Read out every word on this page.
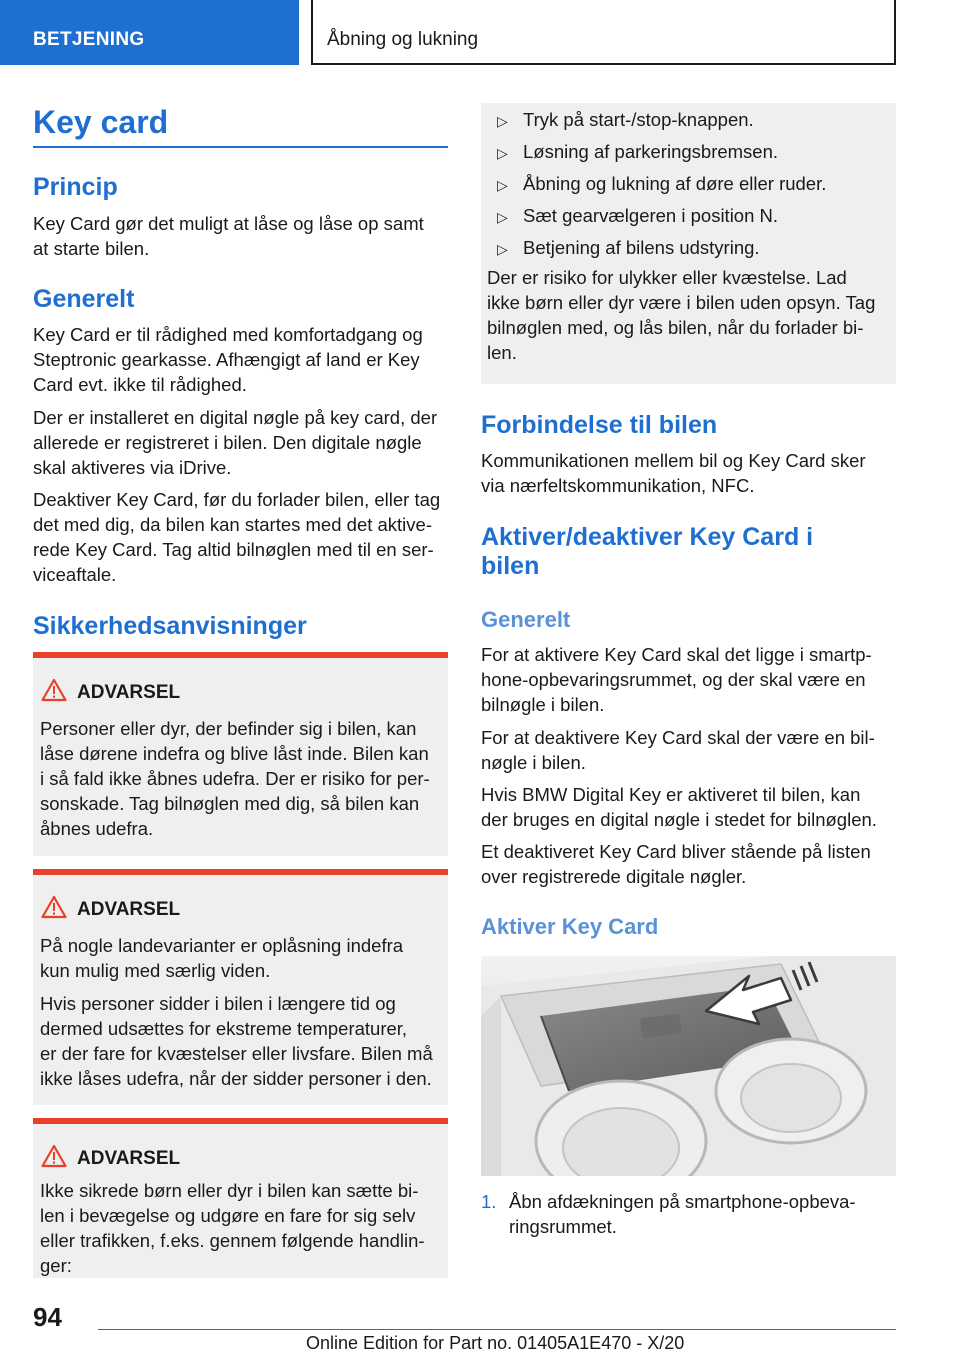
BETJENING	Åbning og lukning
Key card
Princip
Key Card gør det muligt at låse og låse op samt
at starte bilen.
Generelt
Key Card er til rådighed med komfortadgang og
Steptronic gearkasse. Afhængigt af land er Key
Card evt. ikke til rådighed.
Der er installeret en digital nøgle på key card, der
allerede er registreret i bilen. Den digitale nøgle
skal aktiveres via iDrive.
Deaktiver Key Card, før du forlader bilen, eller tag
det med dig, da bilen kan startes med det aktive-
rede Key Card. Tag altid bilnøglen med til en ser-
viceaftale.
Sikkerhedsanvisninger
ADVARSEL
Personer eller dyr, der befinder sig i bilen, kan
låse dørene indefra og blive låst inde. Bilen kan
i så fald ikke åbnes udefra. Der er risiko for per-
sonskade. Tag bilnøglen med dig, så bilen kan
åbnes udefra.
ADVARSEL
På nogle landevarianter er oplåsning indefra
kun mulig med særlig viden.
Hvis personer sidder i bilen i længere tid og
dermed udsættes for ekstreme temperaturer,
er der fare for kvæstelser eller livsfare. Bilen må
ikke låses udefra, når der sidder personer i den.
ADVARSEL
Ikke sikrede børn eller dyr i bilen kan sætte bi-
len i bevægelse og udgøre en fare for sig selv
eller trafikken, f.eks. gennem følgende handlin-
ger:
▷ Tryk på start-/stop-knappen.
▷ Løsning af parkeringsbremsen.
▷ Åbning og lukning af døre eller ruder.
▷ Sæt gearvælgeren i position N.
▷ Betjening af bilens udstyring.
Der er risiko for ulykker eller kvæstelse. Lad
ikke børn eller dyr være i bilen uden opsyn. Tag
bilnøglen med, og lås bilen, når du forlader bi-
len.
Forbindelse til bilen
Kommunikationen mellem bil og Key Card sker
via nærfeltskommunikation, NFC.
Aktiver/deaktiver Key Card i
bilen
Generelt
For at aktivere Key Card skal det ligge i smartp-
hone-opbevaringsrummet, og der skal være en
bilnøgle i bilen.
For at deaktivere Key Card skal der være en bil-
nøgle i bilen.
Hvis BMW Digital Key er aktiveret til bilen, kan
der bruges en digital nøgle i stedet for bilnøglen.
Et deaktiveret Key Card bliver stående på listen
over registrerede digitale nøgler.
Aktiver Key Card
1. Åbn afdækningen på smartphone-opbeva-
ringsrummet.
94
Online Edition for Part no. 01405A1E470 - X/20
